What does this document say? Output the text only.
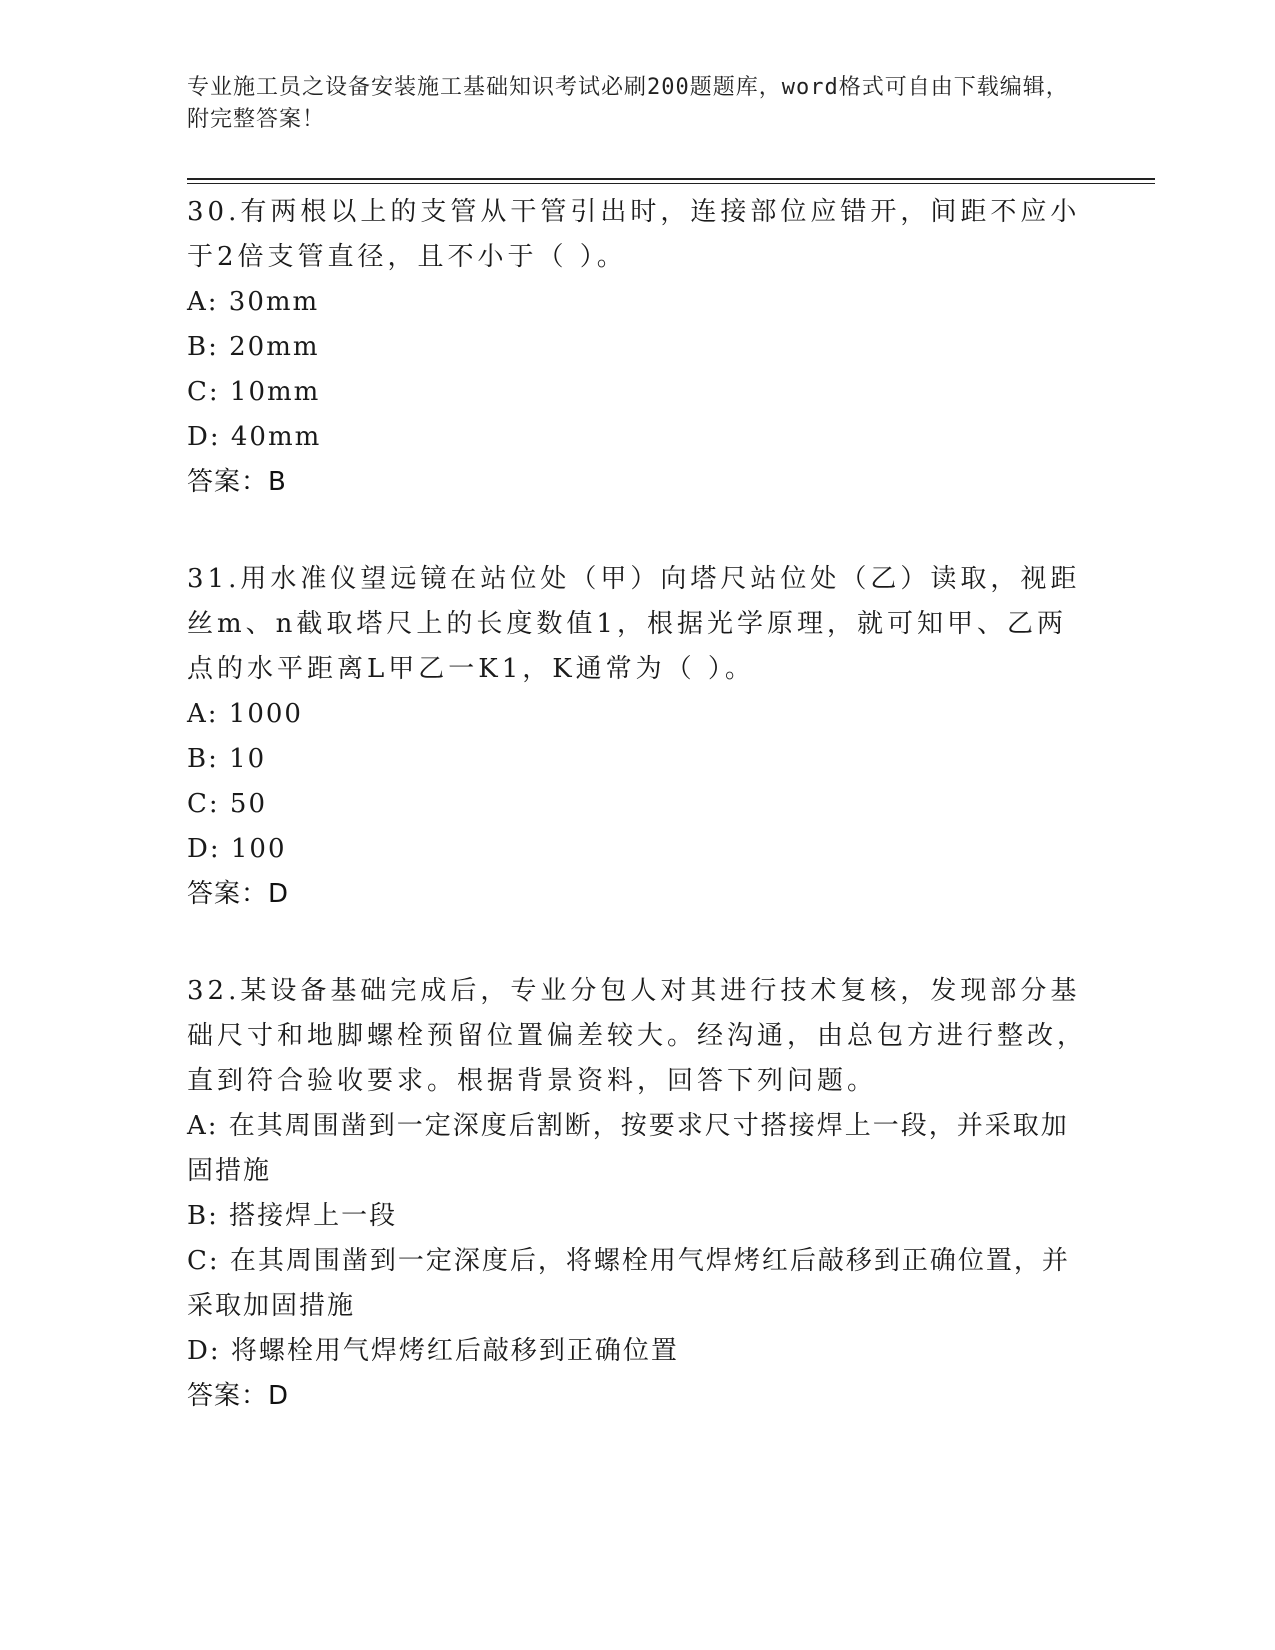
专业施工员之设备安装施工基础知识考试必刷200题题库，word格式可自由下载编辑，附完整答案！

30.有两根以上的支管从干管引出时，连接部位应错开，间距不应小于2倍支管直径，且不小于（ ）。

A: 30mm

B: 20mm

C: 10mm

D: 40mm

答案：B

31.用水准仪望远镜在站位处（甲）向塔尺站位处（乙）读取，视距丝m、n截取塔尺上的长度数值1，根据光学原理，就可知甲、乙两点的水平距离L甲乙一K1，K通常为（ ）。

A: 1000

B: 10

C: 50

D: 100

答案：D

32.某设备基础完成后，专业分包人对其进行技术复核，发现部分基础尺寸和地脚螺栓预留位置偏差较大。经沟通，由总包方进行整改，直到符合验收要求。根据背景资料，回答下列问题。

A: 在其周围凿到一定深度后割断，按要求尺寸搭接焊上一段，并采取加固措施

B: 搭接焊上一段

C: 在其周围凿到一定深度后，将螺栓用气焊烤红后敲移到正确位置，并采取加固措施

D: 将螺栓用气焊烤红后敲移到正确位置

答案：D
